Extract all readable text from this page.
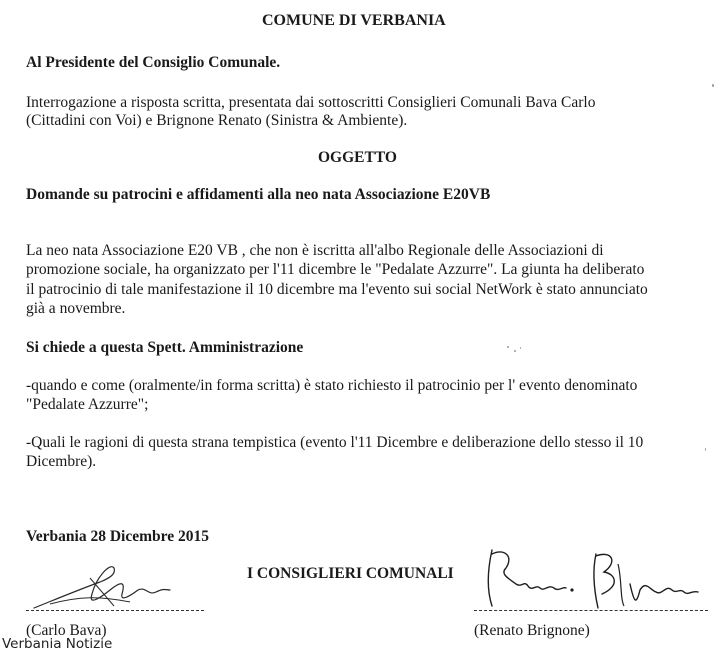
COMUNE DI VERBANIA
Al Presidente del Consiglio Comunale.
Interrogazione a risposta scritta, presentata dai sottoscritti Consiglieri Comunali Bava Carlo
(Cittadini con Voi) e Brignone Renato (Sinistra & Ambiente).
OGGETTO
Domande su patrocini e affidamenti alla neo nata Associazione E20VB
La neo nata Associazione E20 VB , che non è iscritta all'albo Regionale delle Associazioni di
promozione sociale, ha organizzato per l'11 dicembre le "Pedalate Azzurre". La giunta ha deliberato
il patrocinio di tale manifestazione il 10 dicembre ma l'evento sui social NetWork è stato annunciato
già a novembre.
Si chiede a questa Spett. Amministrazione
-quando e come (oralmente/in forma scritta) è stato richiesto il patrocinio per l' evento denominato
"Pedalate Azzurre";
-Quali le ragioni di questa strana tempistica (evento l'11 Dicembre e deliberazione dello stesso il 10
Dicembre).
Verbania 28 Dicembre 2015
I CONSIGLIERI COMUNALI
(Carlo Bava)	(Renato Brignone)
Verbania Notizie
